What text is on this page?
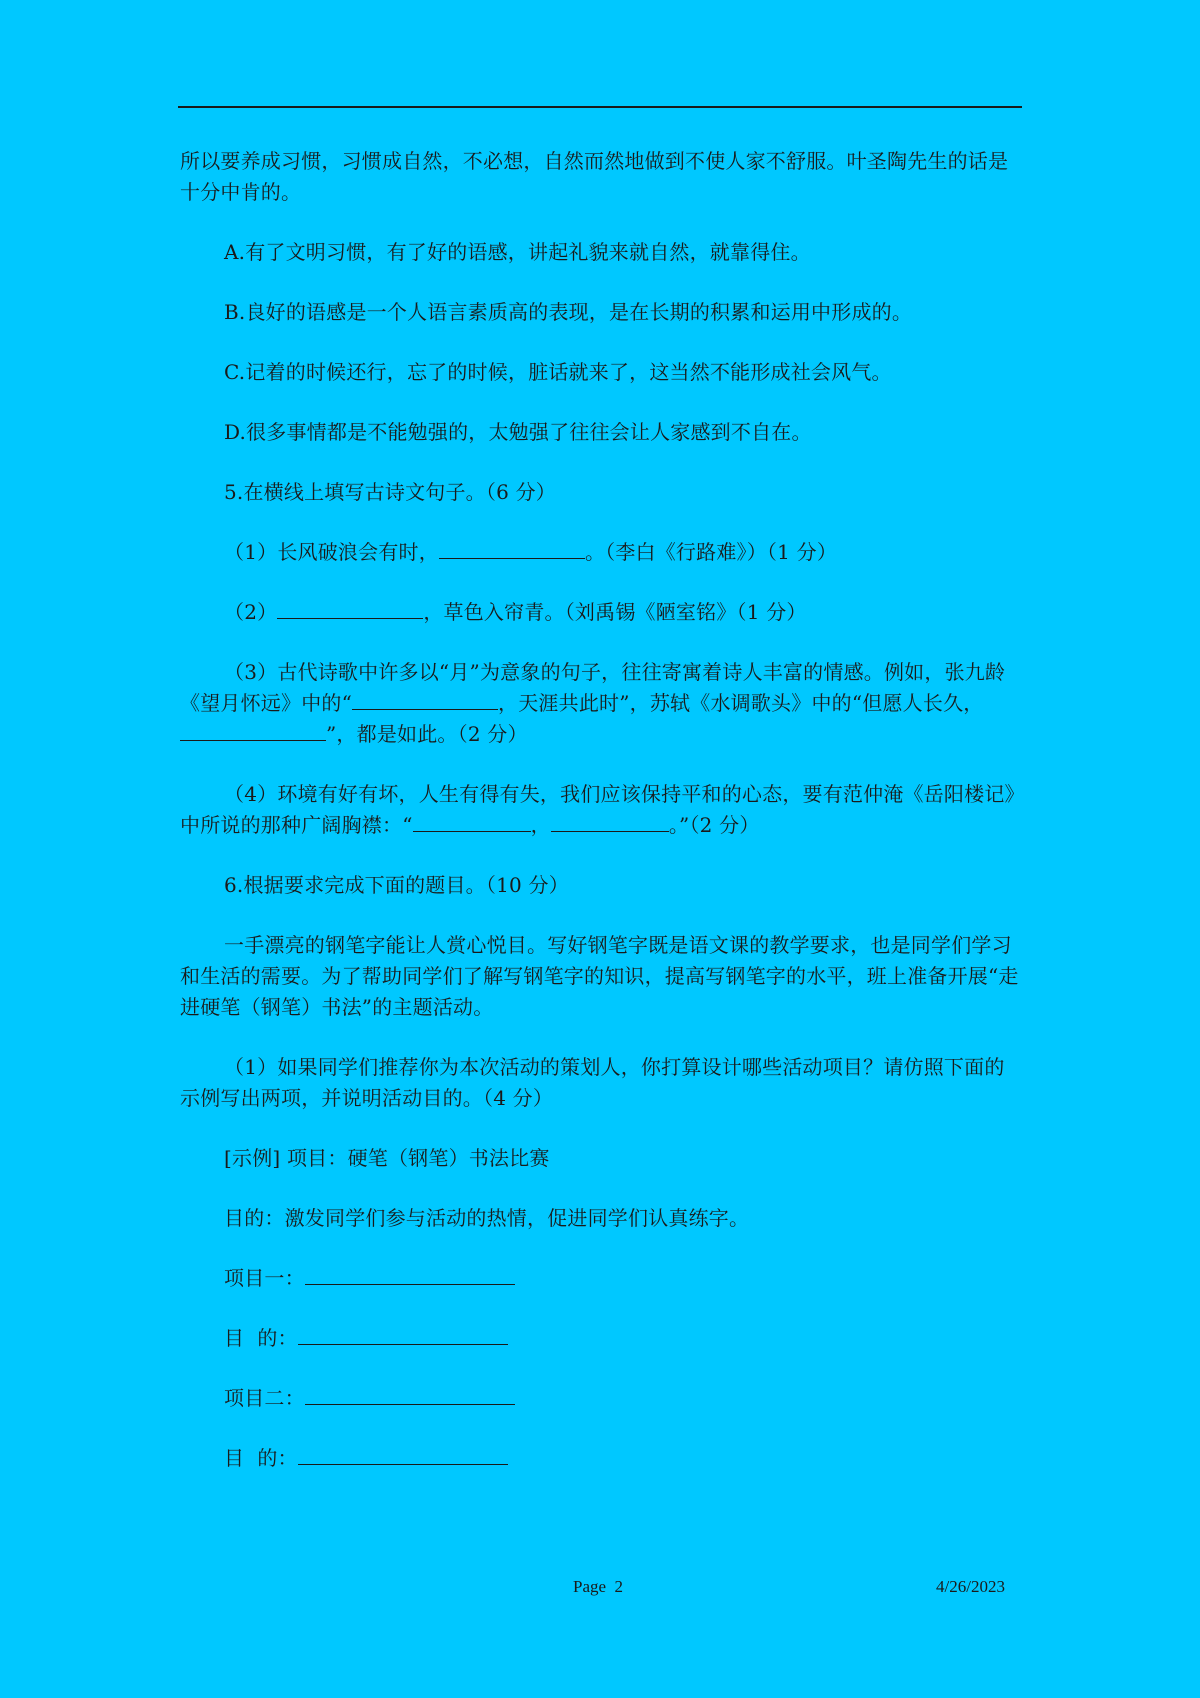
所以要养成习惯，习惯成自然，不必想，自然而然地做到不使人家不舒服。叶圣陶先生的话是十分中肯的。

A.有了文明习惯，有了好的语感，讲起礼貌来就自然，就靠得住。

B.良好的语感是一个人语言素质高的表现，是在长期的积累和运用中形成的。

C.记着的时候还行，忘了的时候，脏话就来了，这当然不能形成社会风气。

D.很多事情都是不能勉强的，太勉强了往往会让人家感到不自在。

5.在横线上填写古诗文句子。（6 分）

（1）长风破浪会有时，	。（李白《行路难》）（1 分）

（2）	，草色入帘青。（刘禹锡《陋室铭》（1 分）

（3）古代诗歌中许多以“月”为意象的句子，往往寄寓着诗人丰富的情感。例如，张九龄《望月怀远》中的“	，天涯共此时”，苏轼《水调歌头》中的“但愿人长久，”，都是如此。（2 分）

（4）环境有好有坏，人生有得有失，我们应该保持平和的心态，要有范仲淹《岳阳楼记》中所说的那种广阔胸襟：“	，	。”（2 分）

6.根据要求完成下面的题目。（10 分）

一手漂亮的钢笔字能让人赏心悦目。写好钢笔字既是语文课的教学要求，也是同学们学习和生活的需要。为了帮助同学们了解写钢笔字的知识，提高写钢笔字的水平，班上准备开展“走进硬笔（钢笔）书法”的主题活动。

（1）如果同学们推荐你为本次活动的策划人，你打算设计哪些活动项目？请仿照下面的示例写出两项，并说明活动目的。（4 分）

[示例] 项目：硬笔（钢笔）书法比赛

目的：激发同学们参与活动的热情，促进同学们认真练字。

项目一：

目  的：

项目二：

目  的：

Page  2	4/26/2023
